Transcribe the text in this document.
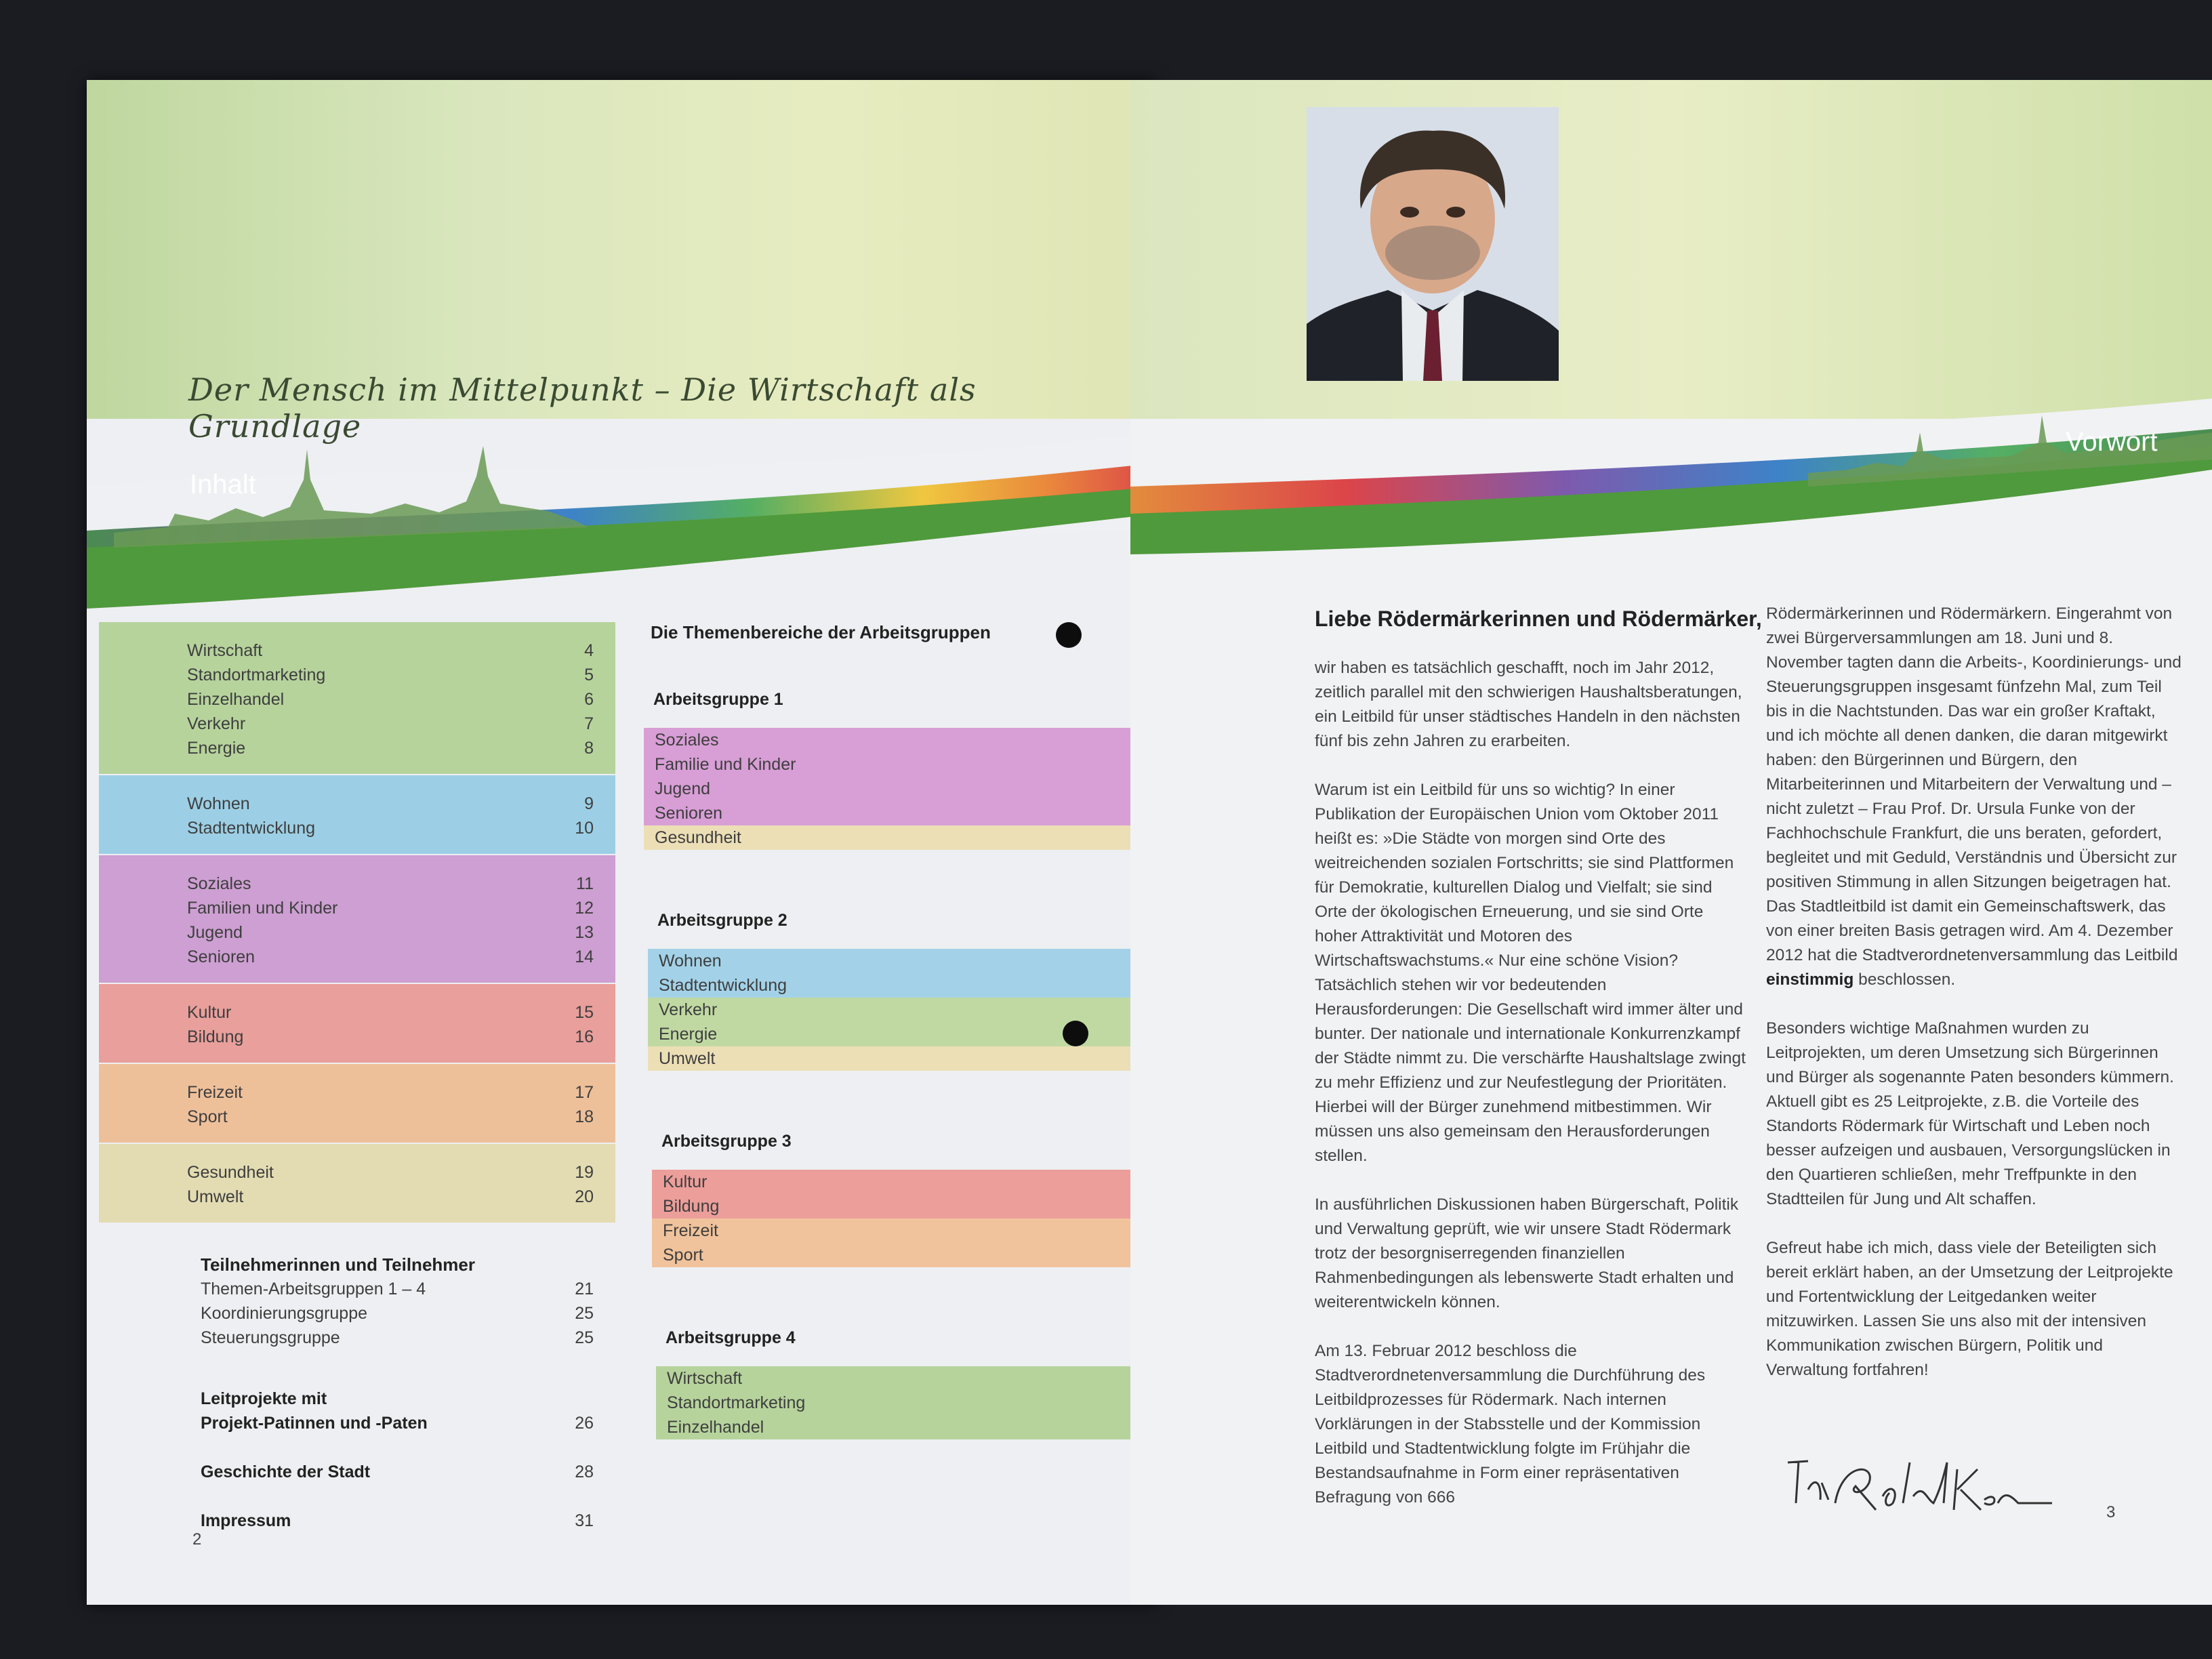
Der Mensch im Mittelpunkt – Die Wirtschaft als Grundlage
Inhalt
Wirtschaft	4
Standortmarketing	5
Einzelhandel	6
Verkehr	7
Energie	8
Wohnen	9
Stadtentwicklung	10
Soziales	11
Familien und Kinder	12
Jugend	13
Senioren	14
Kultur	15
Bildung	16
Freizeit	17
Sport	18
Gesundheit	19
Umwelt	20
Teilnehmerinnen und Teilnehmer
Themen-Arbeitsgruppen 1 – 4	21
Koordinierungsgruppe	25
Steuerungsgruppe	25
Leitprojekte mit
Projekt-Patinnen und -Paten	26
Geschichte der Stadt	28
Impressum	31
Die Themenbereiche der Arbeitsgruppen
Arbeitsgruppe 1
Soziales
Familie und Kinder
Jugend
Senioren
Gesundheit
Arbeitsgruppe 2
Wohnen
Stadtentwicklung
Verkehr
Energie
Umwelt
Arbeitsgruppe 3
Kultur
Bildung
Freizeit
Sport
Arbeitsgruppe 4
Wirtschaft
Standortmarketing
Einzelhandel
2
Vorwort
Liebe Rödermärkerinnen und Rödermärker,

wir haben es tatsächlich geschafft, noch im Jahr 2012, zeitlich parallel mit den schwierigen Haushaltsberatungen, ein Leitbild für unser städtisches Handeln in den nächsten fünf bis zehn Jahren zu erarbeiten.

Warum ist ein Leitbild für uns so wichtig? In einer Publikation der Europäischen Union vom Oktober 2011 heißt es: »Die Städte von morgen sind Orte des weitreichenden sozialen Fortschritts; sie sind Plattformen für Demokratie, kulturellen Dialog und Vielfalt; sie sind Orte der ökologischen Erneuerung, und sie sind Orte hoher Attraktivität und Motoren des Wirtschaftswachstums.« Nur eine schöne Vision? Tatsächlich stehen wir vor bedeutenden Herausforderungen: Die Gesellschaft wird immer älter und bunter. Der nationale und internationale Konkurrenzkampf der Städte nimmt zu. Die verschärfte Haushaltslage zwingt zu mehr Effizienz und zur Neufestlegung der Prioritäten. Hierbei will der Bürger zunehmend mitbestimmen. Wir müssen uns also gemeinsam den Herausforderungen stellen.

In ausführlichen Diskussionen haben Bürgerschaft, Politik und Verwaltung geprüft, wie wir unsere Stadt Rödermark trotz der besorgniserregenden finanziellen Rahmenbedingungen als lebenswerte Stadt erhalten und weiterentwickeln können.

Am 13. Februar 2012 beschloss die Stadtverordnetenversammlung die Durchführung des Leitbildprozesses für Rödermark. Nach internen Vorklärungen in der Stabsstelle und der Kommission Leitbild und Stadtentwicklung folgte im Frühjahr die Bestandsaufnahme in Form einer repräsentativen Befragung von 666

Rödermärkerinnen und Rödermärkern. Eingerahmt von zwei Bürgerversammlungen am 18. Juni und 8. November tagten dann die Arbeits-, Koordinierungs- und Steuerungsgruppen insgesamt fünfzehn Mal, zum Teil bis in die Nachtstunden. Das war ein großer Kraftakt, und ich möchte all denen danken, die daran mitgewirkt haben: den Bürgerinnen und Bürgern, den Mitarbeiterinnen und Mitarbeitern der Verwaltung und – nicht zuletzt – Frau Prof. Dr. Ursula Funke von der Fachhochschule Frankfurt, die uns beraten, gefordert, begleitet und mit Geduld, Verständnis und Übersicht zur positiven Stimmung in allen Sitzungen beigetragen hat. Das Stadtleitbild ist damit ein Gemeinschaftswerk, das von einer breiten Basis getragen wird. Am 4. Dezember 2012 hat die Stadtverordnetenversammlung das Leitbild einstimmig beschlossen.

Besonders wichtige Maßnahmen wurden zu Leitprojekten, um deren Umsetzung sich Bürgerinnen und Bürger als sogenannte Paten besonders kümmern. Aktuell gibt es 25 Leitprojekte, z.B. die Vorteile des Standorts Rödermark für Wirtschaft und Leben noch besser aufzeigen und ausbauen, Versorgungslücken in den Quartieren schließen, mehr Treffpunkte in den Stadtteilen für Jung und Alt schaffen.

Gefreut habe ich mich, dass viele der Beteiligten sich bereit erklärt haben, an der Umsetzung der Leitprojekte und Fortentwicklung der Leitgedanken weiter mitzuwirken. Lassen Sie uns also mit der intensiven Kommunikation zwischen Bürgern, Politik und Verwaltung fortfahren!

3
